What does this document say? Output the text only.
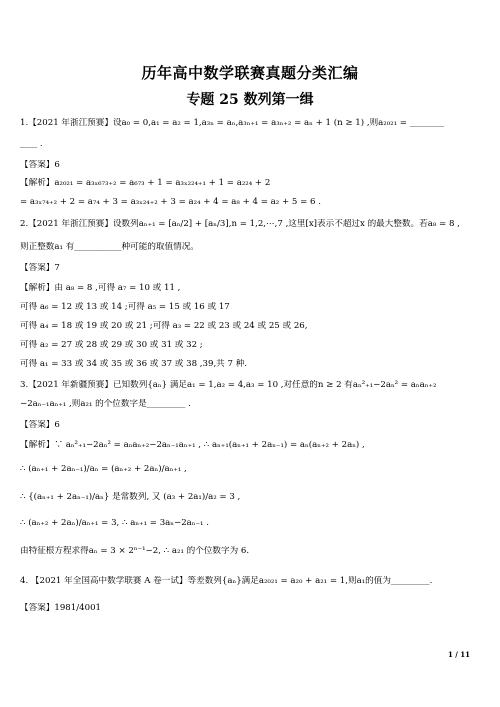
历年高中数学联赛真题分类汇编
专题 25 数列第一缉
1.【2021 年浙江预赛】设a₀ = 0,a₁ = a₂ = 1,a₃ₙ = aₙ,a₃ₙ₊₁ = a₃ₙ₊₂ = aₙ + 1 (n ≥ 1) ,则a₂₀₂₁ = ________
____ .
【答案】6
【解析】a₂₀₂₁ = a₃ₓ₆₇₃₊₂ = a₆₇₃ + 1 = a₃ₓ₂₂₄₊₁ + 1 = a₂₂₄ + 2
= a₃ₓ₇₄₊₂ + 2 = a₇₄ + 3 = a₃ₓ₂₄₊₂ + 3 = a₂₄ + 4 = a₈ + 4 = a₂ + 5 = 6 .
2.【2021 年浙江预赛】设数列aₙ₊₁ = [aₙ/2] + [aₙ/3],n = 1,2,⋯,7 ,这里[x]表示不超过x 的最大整数。若a₈ = 8 ,
则正整数a₁ 有___________种可能的取值情况。
【答案】7
【解析】由 a₈ = 8 ,可得 a₇ = 10 或 11 ,
可得 a₆ = 12 或 13 或 14 ;可得 a₅ = 15 或 16 或 17
可得 a₄ = 18 或 19 或 20 或 21 ;可得 a₃ = 22 或 23 或 24 或 25 或 26,
可得 a₂ = 27 或 28 或 29 或 30 或 31 或 32 ;
可得 a₁ = 33 或 34 或 35 或 36 或 37 或 38 ,39,共 7 种.
3.【2021 年新疆预赛】已知数列{aₙ} 满足a₁ = 1,a₂ = 4,a₃ = 10 ,对任意的n ≥ 2 有aₙ²₊₁−2aₙ² = aₙaₙ₊₂
−2aₙ₋₁aₙ₊₁ ,则a₂₁ 的个位数字是_________ .
【答案】6
【解析】∵ aₙ²₊₁−2aₙ² = aₙaₙ₊₂−2aₙ₋₁aₙ₊₁ , ∴ aₙ₊₁(aₙ₊₁ + 2aₙ₋₁) = aₙ(aₙ₊₂ + 2aₙ) ,
∴ (aₙ₊₁ + 2aₙ₋₁)/aₙ = (aₙ₊₂ + 2aₙ)/aₙ₊₁ ,
∴ {(aₙ₊₁ + 2aₙ₋₁)/aₙ} 是常数列, 又 (a₃ + 2a₁)/a₂ = 3 ,
∴ (aₙ₊₂ + 2aₙ)/aₙ₊₁ = 3, ∴ aₙ₊₁ = 3aₙ−2aₙ₋₁ .
由特征根方程求得aₙ = 3 × 2ⁿ⁻¹−2, ∴ a₂₁ 的个位数字为 6.
4. 【2021 年全国高中数学联赛 A 卷一试】等差数列{aₙ}满足a₂₀₂₁ = a₂₀ + a₂₁ = 1,则a₁的值为_________.
【答案】1981/4001
1 / 11
